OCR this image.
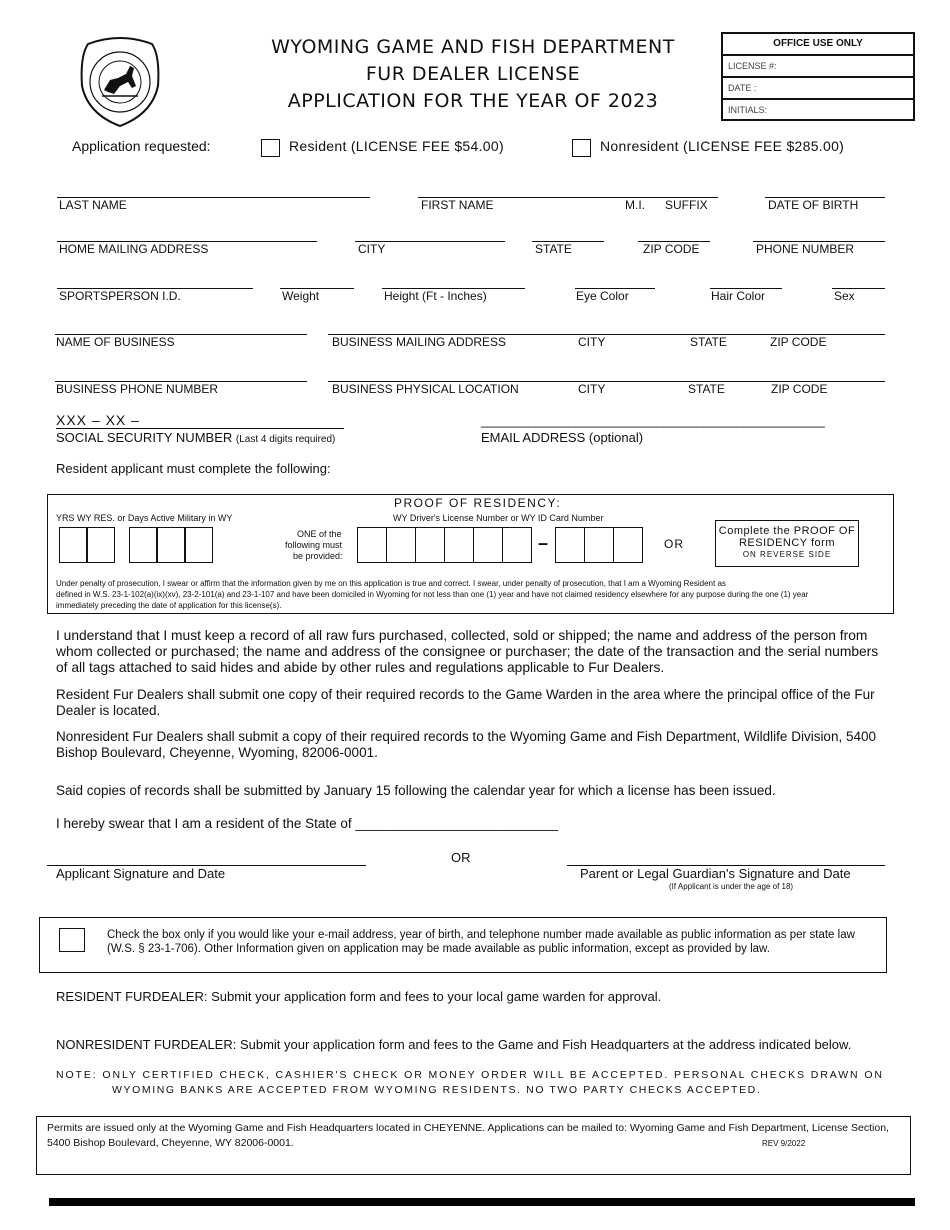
WYOMING GAME AND FISH DEPARTMENT
FUR DEALER LICENSE
APPLICATION FOR THE YEAR OF 2023
OFFICE USE ONLY
LICENSE #:
DATE :
INITIALS:
Application requested:	Resident (LICENSE FEE $54.00)	Nonresident (LICENSE FEE $285.00)
LAST NAME	FIRST NAME	M.I. SUFFIX	DATE OF BIRTH
HOME MAILING ADDRESS	CITY	STATE	ZIP CODE	PHONE NUMBER
SPORTSPERSON I.D.	Weight	Height (Ft - Inches)	Eye Color	Hair Color	Sex
NAME OF BUSINESS	BUSINESS MAILING ADDRESS	CITY	STATE	ZIP CODE
BUSINESS PHONE NUMBER	BUSINESS PHYSICAL LOCATION	CITY	STATE	ZIP CODE
XXX – XX –
SOCIAL SECURITY NUMBER (Last 4 digits required)
___________________________________________________
EMAIL ADDRESS (optional)
Resident applicant must complete the following:
PROOF OF RESIDENCY:
YRS WY RES. or Days Active Military in WY	WY Driver's License Number or WY ID Card Number
ONE of the
following must
be provided:
–	OR
Complete the PROOF OF
RESIDENCY form
ON REVERSE SIDE
Under penalty of prosecution, I swear or affirm that the information given by me on this application is true and correct. I swear, under penalty of prosecution, that I am a Wyoming Resident as
defined in W.S. 23-1-102(a)(ix)(xv), 23-2-101(a) and 23-1-107 and have been domiciled in Wyoming for not less than one (1) year and have not claimed residency elsewhere for any purpose during the one (1) year
immediately preceding the date of application for this license(s).
I understand that I must keep a record of all raw furs purchased, collected, sold or shipped; the name and address of the person from whom collected or purchased; the name and address of the consignee or purchaser; the date of the transaction and the serial numbers of all tags attached to said hides and abide by other rules and regulations applicable to Fur Dealers.
Resident Fur Dealers shall submit one copy of their required records to the Game Warden in the area where the principal office of the Fur Dealer is located.
Nonresident Fur Dealers shall submit a copy of their required records to the Wyoming Game and Fish Department, Wildlife Division, 5400 Bishop Boulevard, Cheyenne, Wyoming, 82006-0001.
Said copies of records shall be submitted by January 15 following the calendar year for which a license has been issued.
I hereby swear that I am a resident of the State of ___________________________
OR
Applicant Signature and Date	Parent or Legal Guardian's Signature and Date
(If Applicant is under the age of 18)
Check the box only if you would like your e-mail address, year of birth, and telephone number made available as public information as per state law
(W.S. § 23-1-706). Other Information given on application may be made available as public information, except as provided by law.
RESIDENT FURDEALER: Submit your application form and fees to your local game warden for approval.
NONRESIDENT FURDEALER: Submit your application form and fees to the Game and Fish Headquarters at the address indicated below.
NOTE: ONLY CERTIFIED CHECK, CASHIER'S CHECK OR MONEY ORDER WILL BE ACCEPTED. PERSONAL CHECKS DRAWN ON
WYOMING BANKS ARE ACCEPTED FROM WYOMING RESIDENTS. NO TWO PARTY CHECKS ACCEPTED.
Permits are issued only at the Wyoming Game and Fish Headquarters located in CHEYENNE. Applications can be mailed to: Wyoming Game and Fish Department, License Section,
5400 Bishop Boulevard, Cheyenne, WY 82006-0001.	REV 9/2022
